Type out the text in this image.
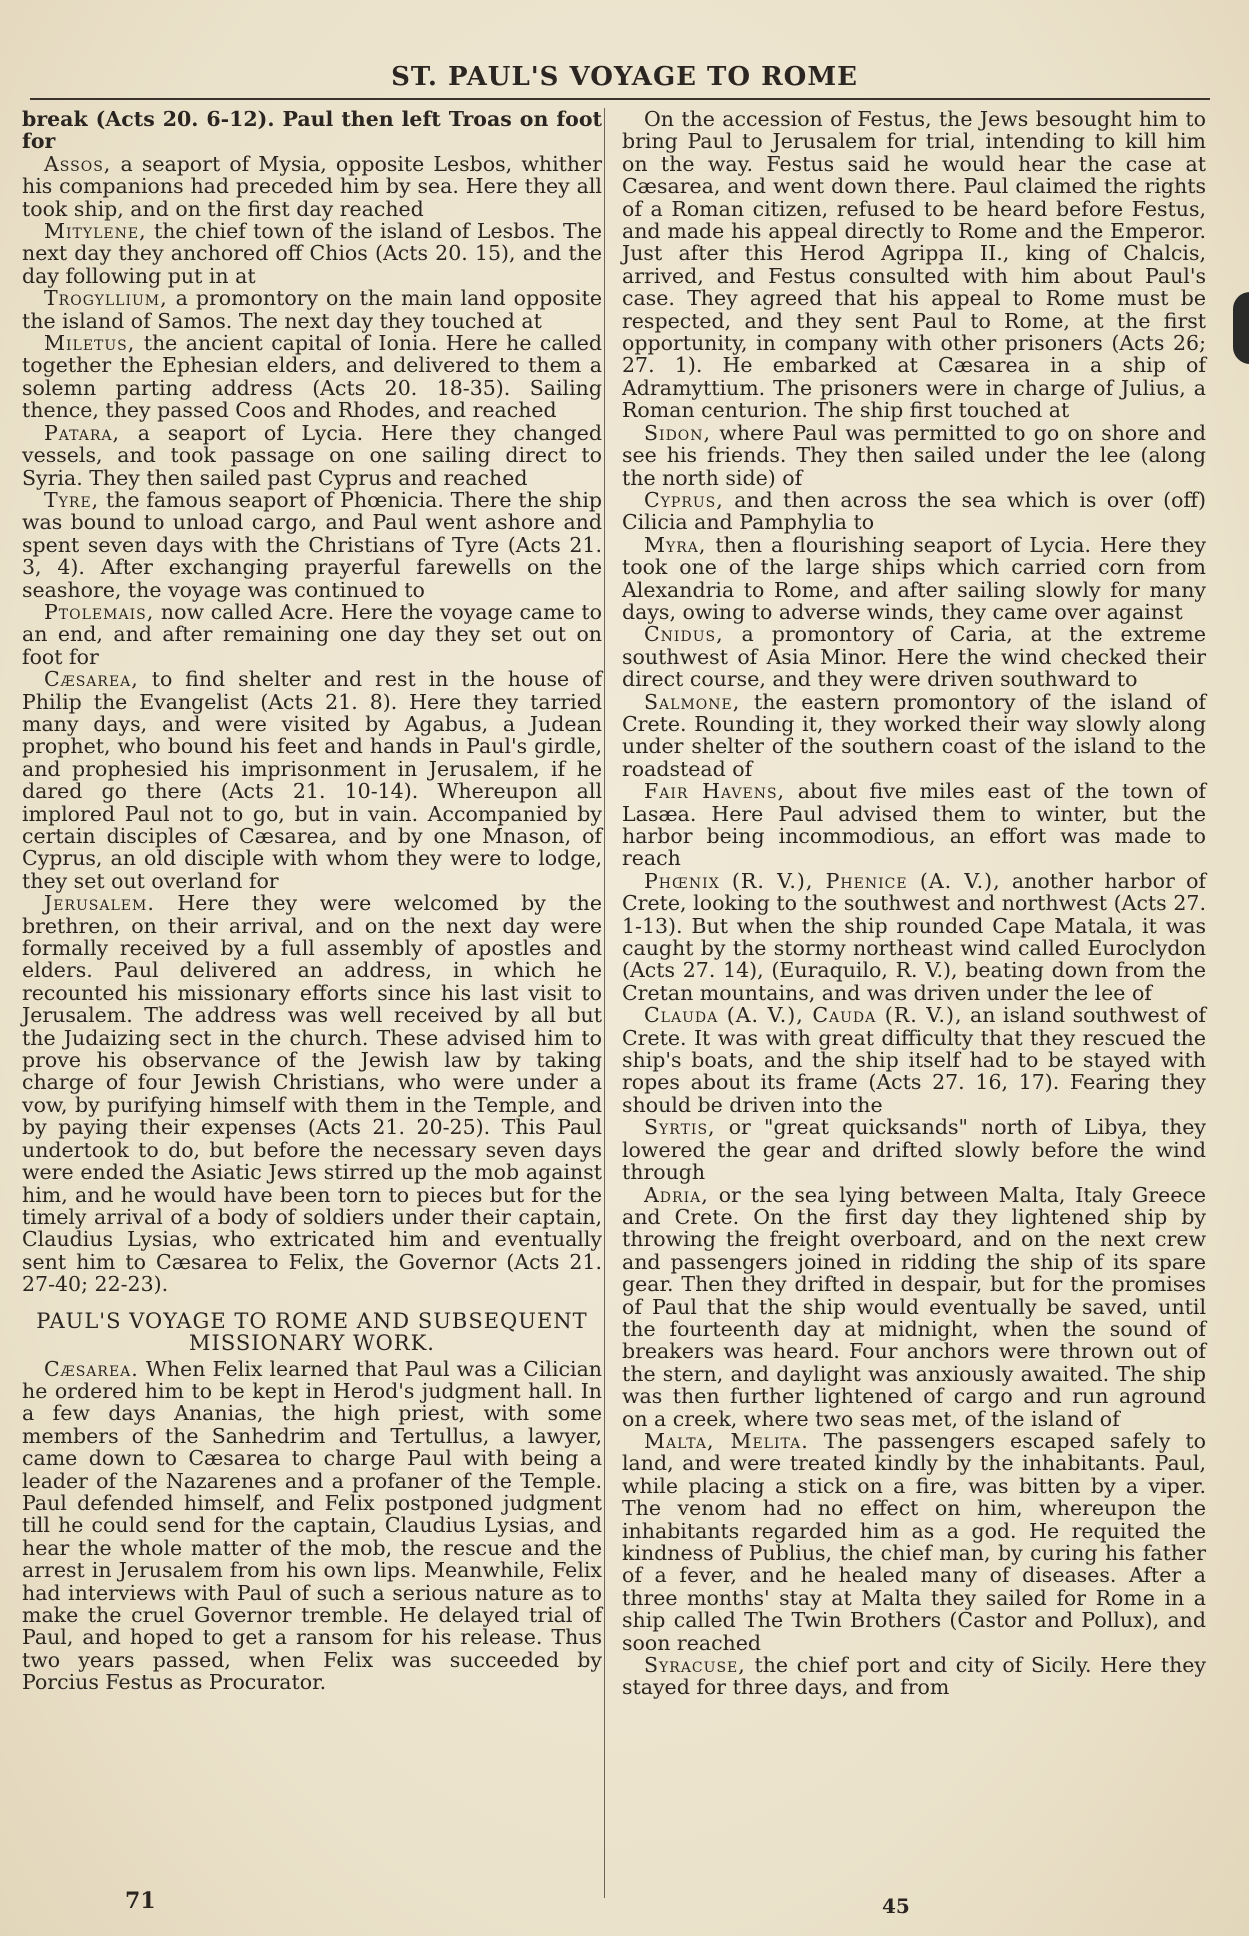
ST. PAUL'S VOYAGE TO ROME

break (Acts 20. 6-12). Paul then left Troas on foot for

Assos, a seaport of Mysia, opposite Lesbos, whither his companions had preceded him by sea. Here they all took ship, and on the first day reached

Mitylene, the chief town of the island of Lesbos. The next day they anchored off Chios (Acts 20. 15), and the day following put in at

Trogyllium, a promontory on the main land opposite the island of Samos. The next day they touched at

Miletus, the ancient capital of Ionia. Here he called together the Ephesian elders, and delivered to them a solemn parting address (Acts 20. 18-35). Sailing thence, they passed Coos and Rhodes, and reached

Patara, a seaport of Lycia. Here they changed vessels, and took passage on one sailing direct to Syria. They then sailed past Cyprus and reached

Tyre, the famous seaport of Phœnicia. There the ship was bound to unload cargo, and Paul went ashore and spent seven days with the Christians of Tyre (Acts 21. 3, 4). After exchanging prayerful farewells on the seashore, the voyage was continued to

Ptolemais, now called Acre. Here the voyage came to an end, and after remaining one day they set out on foot for

Cæsarea, to find shelter and rest in the house of Philip the Evangelist (Acts 21. 8). Here they tarried many days, and were visited by Agabus, a Judean prophet, who bound his feet and hands in Paul's girdle, and prophesied his imprisonment in Jerusalem, if he dared go there (Acts 21. 10-14). Whereupon all implored Paul not to go, but in vain. Accompanied by certain disciples of Cæsarea, and by one Mnason, of Cyprus, an old disciple with whom they were to lodge, they set out overland for

Jerusalem. Here they were welcomed by the brethren, on their arrival, and on the next day were formally received by a full assembly of apostles and elders. Paul delivered an address, in which he recounted his missionary efforts since his last visit to Jerusalem. The address was well received by all but the Judaizing sect in the church. These advised him to prove his observance of the Jewish law by taking charge of four Jewish Christians, who were under a vow, by purifying himself with them in the Temple, and by paying their expenses (Acts 21. 20-25). This Paul undertook to do, but before the necessary seven days were ended the Asiatic Jews stirred up the mob against him, and he would have been torn to pieces but for the timely arrival of a body of soldiers under their captain, Claudius Lysias, who extricated him and eventually sent him to Cæsarea to Felix, the Governor (Acts 21. 27-40; 22-23).

PAUL'S VOYAGE TO ROME AND SUBSEQUENT MISSIONARY WORK.

Cæsarea. When Felix learned that Paul was a Cilician he ordered him to be kept in Herod's judgment hall. In a few days Ananias, the high priest, with some members of the Sanhedrim and Tertullus, a lawyer, came down to Cæsarea to charge Paul with being a leader of the Nazarenes and a profaner of the Temple. Paul defended himself, and Felix postponed judgment till he could send for the captain, Claudius Lysias, and hear the whole matter of the mob, the rescue and the arrest in Jerusalem from his own lips. Meanwhile, Felix had interviews with Paul of such a serious nature as to make the cruel Governor tremble. He delayed trial of Paul, and hoped to get a ransom for his release. Thus two years passed, when Felix was succeeded by Porcius Festus as Procurator.

On the accession of Festus, the Jews besought him to bring Paul to Jerusalem for trial, intending to kill him on the way. Festus said he would hear the case at Cæsarea, and went down there. Paul claimed the rights of a Roman citizen, refused to be heard before Festus, and made his appeal directly to Rome and the Emperor. Just after this Herod Agrippa II., king of Chalcis, arrived, and Festus consulted with him about Paul's case. They agreed that his appeal to Rome must be respected, and they sent Paul to Rome, at the first opportunity, in company with other prisoners (Acts 26; 27. 1). He embarked at Cæsarea in a ship of Adramyttium. The prisoners were in charge of Julius, a Roman centurion. The ship first touched at

Sidon, where Paul was permitted to go on shore and see his friends. They then sailed under the lee (along the north side) of

Cyprus, and then across the sea which is over (off) Cilicia and Pamphylia to

Myra, then a flourishing seaport of Lycia. Here they took one of the large ships which carried corn from Alexandria to Rome, and after sailing slowly for many days, owing to adverse winds, they came over against

Cnidus, a promontory of Caria, at the extreme southwest of Asia Minor. Here the wind checked their direct course, and they were driven southward to

Salmone, the eastern promontory of the island of Crete. Rounding it, they worked their way slowly along under shelter of the southern coast of the island to the roadstead of

Fair Havens, about five miles east of the town of Lasæa. Here Paul advised them to winter, but the harbor being incommodious, an effort was made to reach

Phœnix (R. V.), Phenice (A. V.), another harbor of Crete, looking to the southwest and northwest (Acts 27. 1-13). But when the ship rounded Cape Matala, it was caught by the stormy northeast wind called Euroclydon (Acts 27. 14), (Euraquilo, R. V.), beating down from the Cretan mountains, and was driven under the lee of

Clauda (A. V.), Cauda (R. V.), an island southwest of Crete. It was with great difficulty that they rescued the ship's boats, and the ship itself had to be stayed with ropes about its frame (Acts 27. 16, 17). Fearing they should be driven into the

Syrtis, or "great quicksands" north of Libya, they lowered the gear and drifted slowly before the wind through

Adria, or the sea lying between Malta, Italy Greece and Crete. On the first day they lightened ship by throwing the freight overboard, and on the next crew and passengers joined in ridding the ship of its spare gear. Then they drifted in despair, but for the promises of Paul that the ship would eventually be saved, until the fourteenth day at midnight, when the sound of breakers was heard. Four anchors were thrown out of the stern, and daylight was anxiously awaited. The ship was then further lightened of cargo and run aground on a creek, where two seas met, of the island of

Malta, Melita. The passengers escaped safely to land, and were treated kindly by the inhabitants. Paul, while placing a stick on a fire, was bitten by a viper. The venom had no effect on him, whereupon the inhabitants regarded him as a god. He requited the kindness of Publius, the chief man, by curing his father of a fever, and he healed many of diseases. After a three months' stay at Malta they sailed for Rome in a ship called The Twin Brothers (Castor and Pollux), and soon reached

Syracuse, the chief port and city of Sicily. Here they stayed for three days, and from

71	45
